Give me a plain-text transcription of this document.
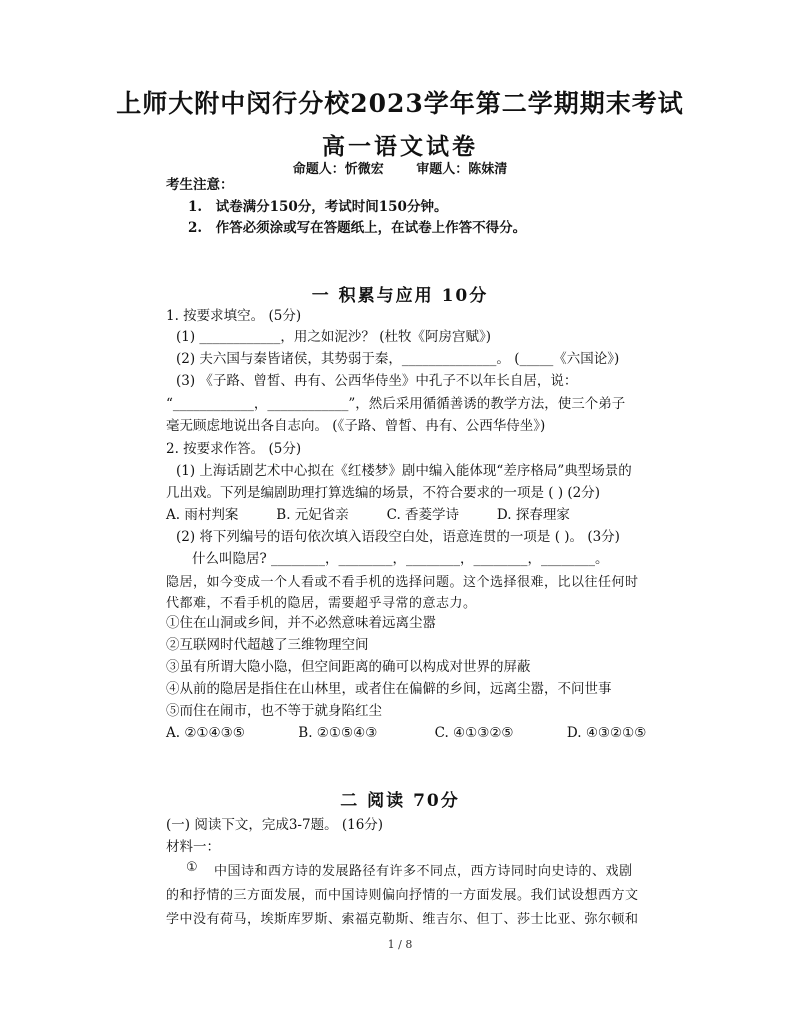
上师大附中闵行分校2023学年第二学期期末考试
高一语文试卷
命题人：忻微宏	审题人：陈妹清
考生注意：
1.　试卷满分150分，考试时间150分钟。
2.　作答必须涂或写在答题纸上，在试卷上作答不得分。
一 积累与应用 10分
1. 按要求填空。 (5分)
(1) ____________，用之如泥沙？ (杜牧《阿房宫赋》)
(2) 夫六国与秦皆诸侯，其势弱于秦，______________。 (_____《六国论》)
(3) 《子路、曾皙、冉有、公西华侍坐》中孔子不以年长自居，说：
“____________，____________”，然后采用循循善诱的教学方法，使三个弟子
毫无顾虑地说出各自志向。 (《子路、曾皙、冉有、公西华侍坐》)
2. 按要求作答。 (5分)
(1) 上海话剧艺术中心拟在《红楼梦》剧中编入能体现“差序格局”典型场景的
几出戏。下列是编剧助理打算选编的场景，不符合要求的一项是 ( ) (2分)
A. 雨村判案	B. 元妃省亲	C. 香菱学诗	D. 探春理家
(2) 将下列编号的语句依次填入语段空白处，语意连贯的一项是 ( )。 (3分)
什么叫隐居? ________，________，________，________，________。
隐居，如今变成一个人看或不看手机的选择问题。这个选择很难，比以往任何时
代都难，不看手机的隐居，需要超乎寻常的意志力。
①住在山洞或乡间，并不必然意味着远离尘嚣
②互联网时代超越了三维物理空间
③虽有所谓大隐小隐，但空间距离的确可以构成对世界的屏蔽
④从前的隐居是指住在山林里，或者住在偏僻的乡间，远离尘嚣，不问世事
⑤而住在闹市，也不等于就身陷红尘
A. ②①④③⑤	B. ②①⑤④③	C. ④①③②⑤	D. ④③②①⑤
二 阅读 70分
(一) 阅读下文，完成3-7题。 (16分)
材料一：
① 中国诗和西方诗的发展路径有许多不同点，西方诗同时向史诗的、戏剧
的和抒情的三方面发展，而中国诗则偏向抒情的一方面发展。我们试设想西方文
学中没有荷马，埃斯库罗斯、索福克勒斯、维吉尔、但丁、莎士比亚、弥尔顿和
1 / 8
